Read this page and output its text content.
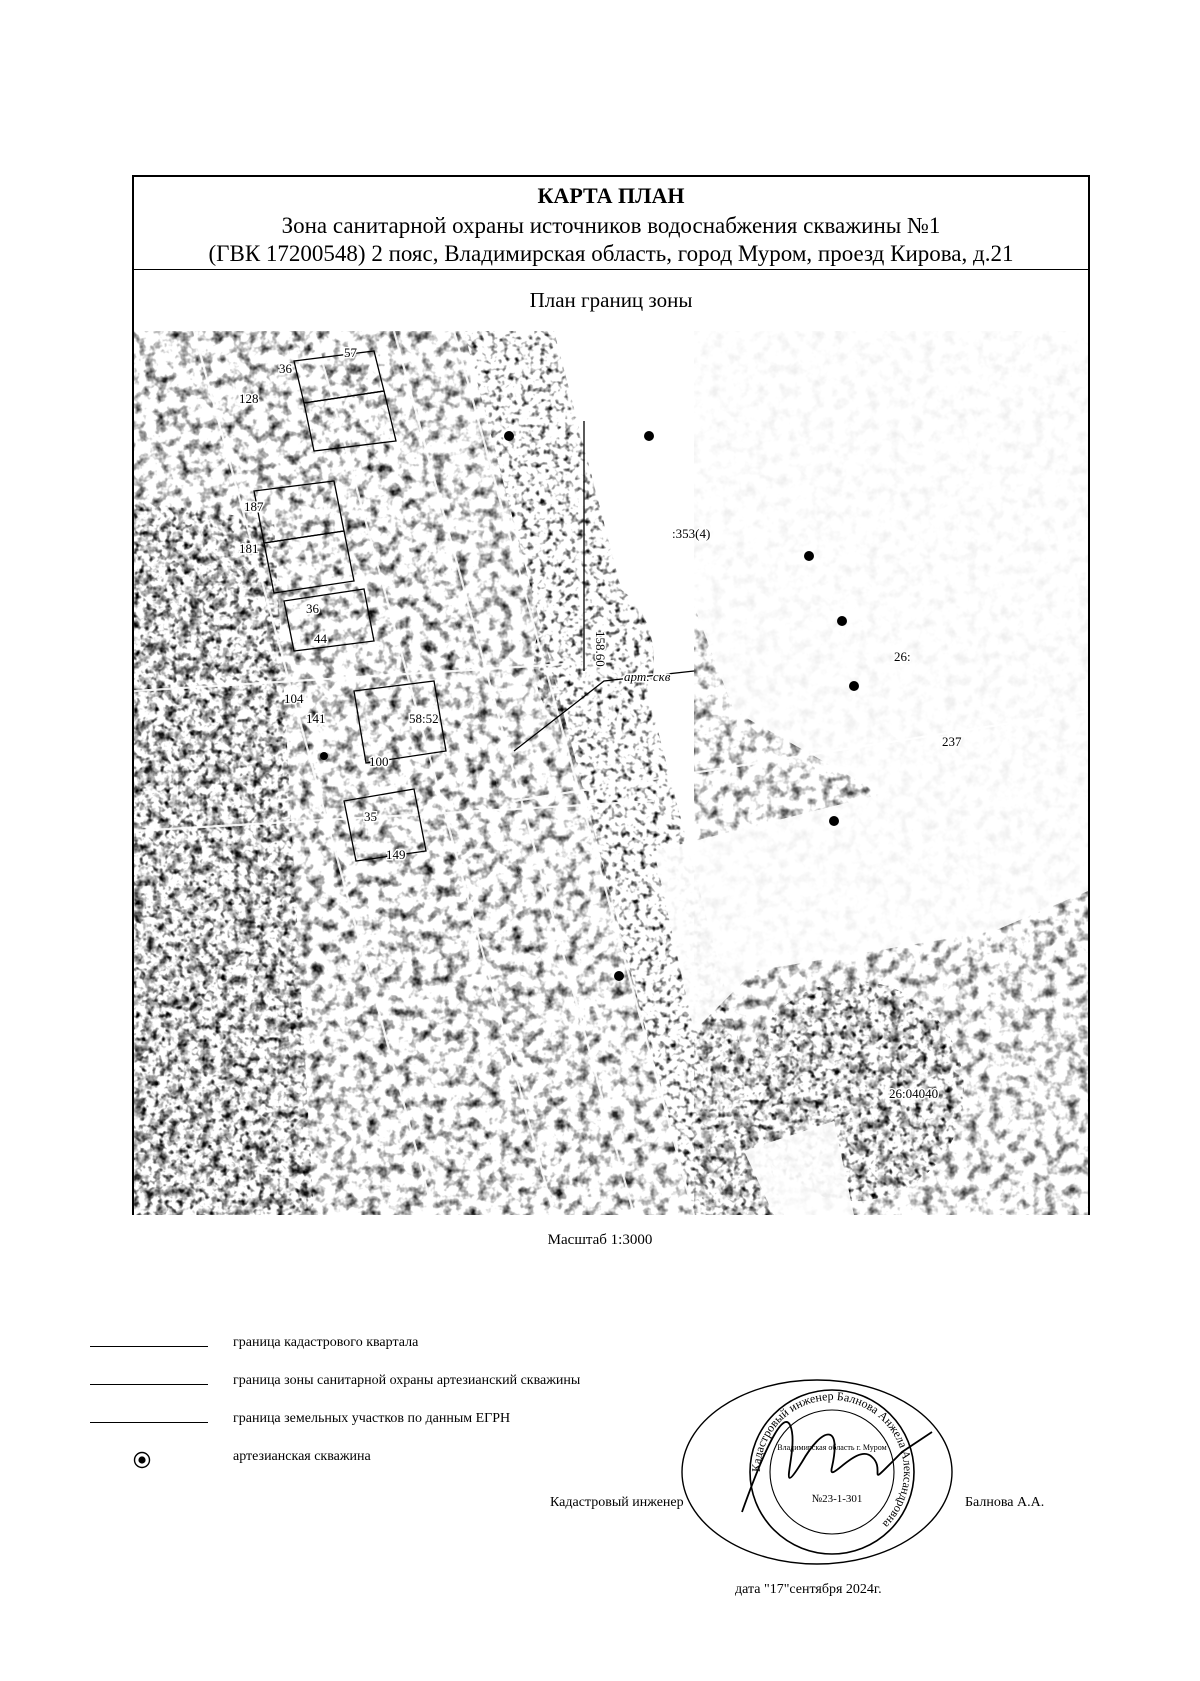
КАРТА ПЛАН
Зона санитарной охраны источников водоснабжения скважины №1
(ГВК 17200548) 2 пояс, Владимирская область, город Муром, проезд Кирова, д.21
План границ зоны
36
57
128
187
181
36
44
104
141	58:52
100
35
149
:353(4)
26:
237
26:04040
158.60
арт. скв
Масштаб 1:3000
граница кадастрового квартала
граница зоны санитарной охраны артезианский скважины
граница земельных участков по данным ЕГРН
артезианская скважина
Кадастровый инженер	Балнова А.А.
дата "17"сентября 2024г.
Кадастровый инженер Балнова Анжела Александровна
Владимирская область г. Муром
№23-1-301
